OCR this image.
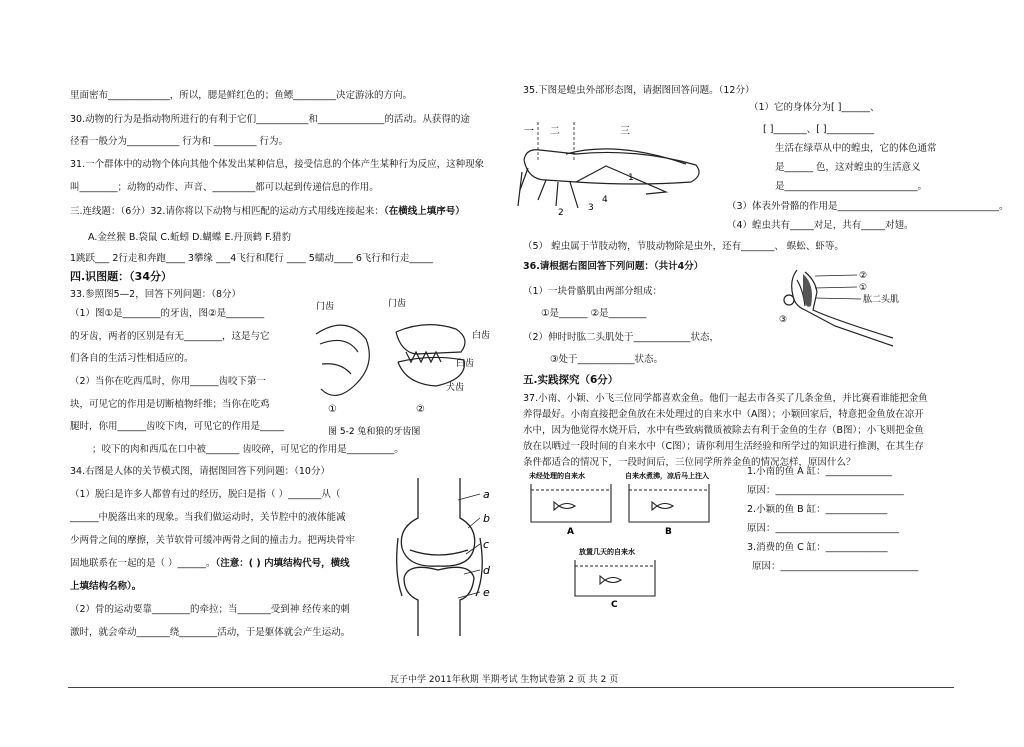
里面密布_____________，所以，腮是鲜红色的；鱼鳔_________决定游泳的方向。
30.动物的行为是指动物所进行的有利于它们___________和______________的活动。从获得的途
径看一般分为___________ 行为和 _________ 行为。
31.一个群体中的动物个体向其他个体发出某种信息，接受信息的个体产生某种行为反应，这种现象
叫________；动物的动作、声音、_________都可以起到传递信息的作用。
三.连线题：（6分）32.请你将以下动物与相匹配的运动方式用线连接起来：（在横线上填序号）
A.金丝猴 B.袋鼠 C.蚯蚓 D.蝴蝶 E.丹顶鹤 F.猎豹
1跳跃___ 2行走和奔跑____ 3攀缘 ___4飞行和爬行 ____ 5蠕动____ 6飞行和行走_____
四.识图题：（34分）
33.参照图5—2，回答下列问题：（8分）
（1）图①是________的牙齿，图②是________
的牙齿，两者的区别是有无________，这是与它
们各自的生活习性相适应的。
（2）当你在吃西瓜时，你用______齿咬下第一
块，可见它的作用是切断植物纤维；当你在吃鸡
腿时，你用______齿咬下肉，可见它的作用是_____
；咬下的肉和西瓜在口中被_______ 齿咬碎，可见它的作用是__________。
门齿	门齿
白齿
臼齿
犬齿
①	②
图 5-2 兔和狼的牙齿图
34.右图是人体的关节模式图，请据图回答下列问题：（10分）
（1）脱臼是许多人都曾有过的经历，脱臼是指（ ）_______从（
______中脱落出来的现象。当我们做运动时，关节腔中的液体能减
少两骨之间的摩擦，关节软骨可缓冲两骨之间的撞击力。把两块骨牢
固地联系在一起的是（ ）______。（注意：( ) 内填结构代号，横线
上填结构名称）。
（2）骨的运动要靠________的牵拉；当_______受到神 经传来的刺
激时，就会牵动_______绕________活动，于是躯体就会产生运动。
a
b
c
d
e
35.下图是蝗虫外部形态图，请据图回答问题。（12分）
一 二	三
2	3
4
1
（1）它的身体分为[ ]______、
[ ]_______、[ ]__________
生活在绿草从中的蝗虫，它的体色通常
是______ 色，这对蝗虫的生活意义
是____________________________。
（3）体表外骨骼的作用是__________________________________。
（4）蝗虫共有_____对足，共有_____对翅。
（5） 蝗虫属于节肢动物，节肢动物除是虫外，还有_______、 蜈蚣、虾等。
36.请根据右图回答下列问题：（共计4分）
（1）一块骨骼肌由两部分组成：
①是______ ②是________
（2）伸时时肱二头肌处于____________状态，
③处于____________状态。
②
①
肱二头肌
③
五.实践探究（6分）
37.小南、小颖、小飞三位同学都喜欢金鱼。他们一起去市各买了几条金鱼，并比赛看谁能把金鱼
养得最好。小南直接把金鱼放在未处理过的自来水中（A图）；小颖回家后，特意把金鱼放在凉开
水中，因为他觉得水烧开后，水中有些致病微质被除去有利于金鱼的生存（B图）；小飞则把金鱼
放在以晒过一段时间的自来水中（C图）；请你利用生活经验和所学过的知识进行推测，在其生存
条件都适合的情况下，一段时间后，三位同学所养金鱼的情况怎样，原因什么？
未经处理的自来水	自来水煮沸，凉后马上注入
放置几天的自来水
A	B
C
1.小南的鱼 A 缸：______________
原因：___________________________
2.小颖的鱼 B 缸：_____________
原因：__________________________
3.消费的鱼 C 缸：_____________
原因：_____________________________
瓦子中学 2011年秋期 半期考试 生物试卷第 2 页 共 2 页
